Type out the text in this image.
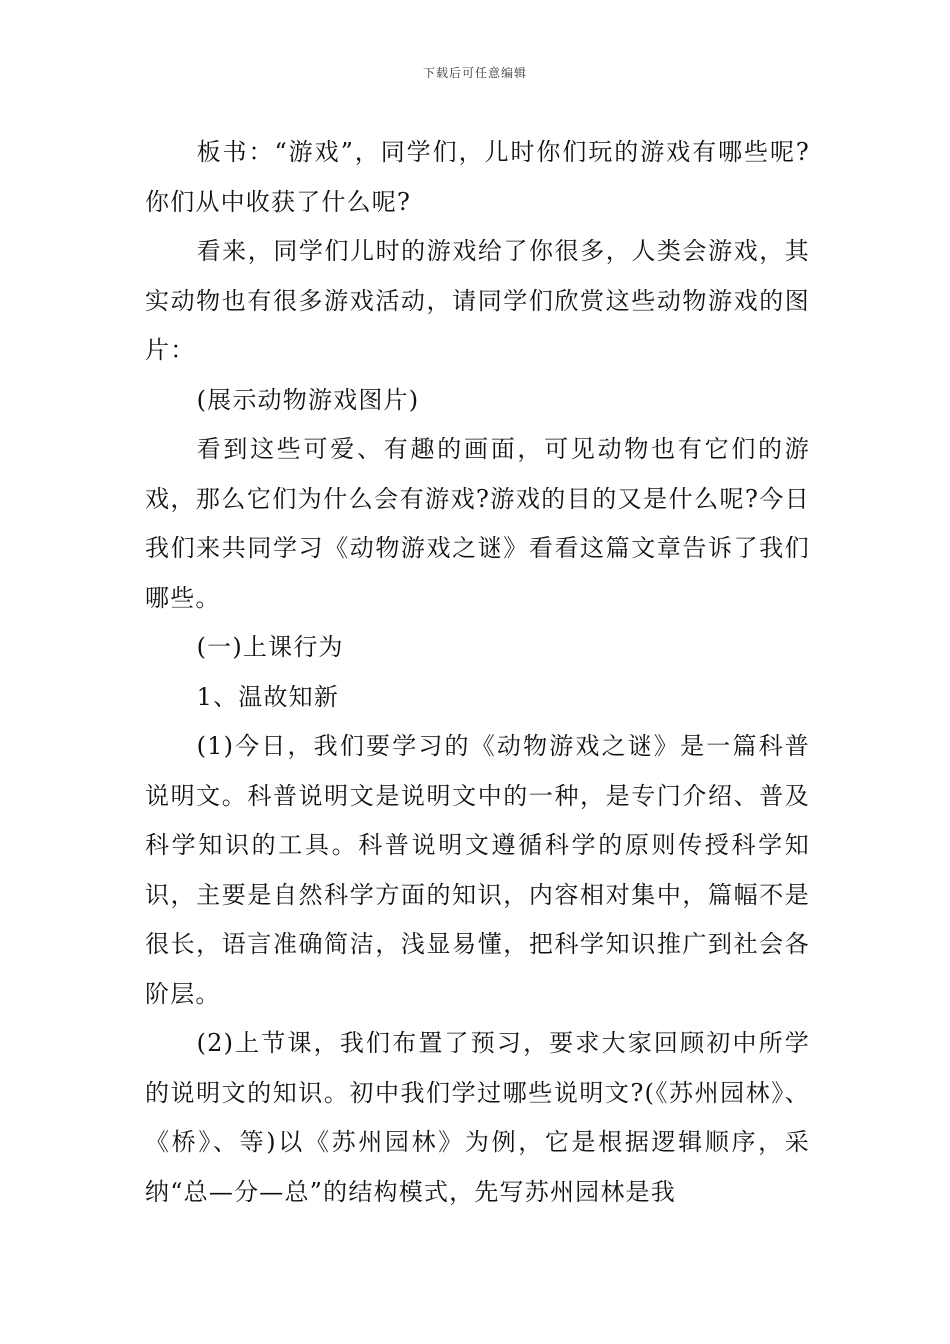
下载后可任意编辑

板书：“游戏”，同学们，儿时你们玩的游戏有哪些呢?你们从中收获了什么呢?

看来，同学们儿时的游戏给了你很多，人类会游戏，其实动物也有很多游戏活动，请同学们欣赏这些动物游戏的图片：

(展示动物游戏图片)

看到这些可爱、有趣的画面，可见动物也有它们的游戏，那么它们为什么会有游戏?游戏的目的又是什么呢?今日我们来共同学习《动物游戏之谜》看看这篇文章告诉了我们哪些。

(一)上课行为

1、温故知新

(1)今日，我们要学习的《动物游戏之谜》是一篇科普说明文。科普说明文是说明文中的一种，是专门介绍、普及科学知识的工具。科普说明文遵循科学的原则传授科学知识，主要是自然科学方面的知识，内容相对集中，篇幅不是很长，语言准确简洁，浅显易懂，把科学知识推广到社会各阶层。

(2)上节课，我们布置了预习，要求大家回顾初中所学的说明文的知识。初中我们学过哪些说明文?(《苏州园林》、《桥》、等)以《苏州园林》为例，它是根据逻辑顺序，采纳“总—分—总”的结构模式，先写苏州园林是我
